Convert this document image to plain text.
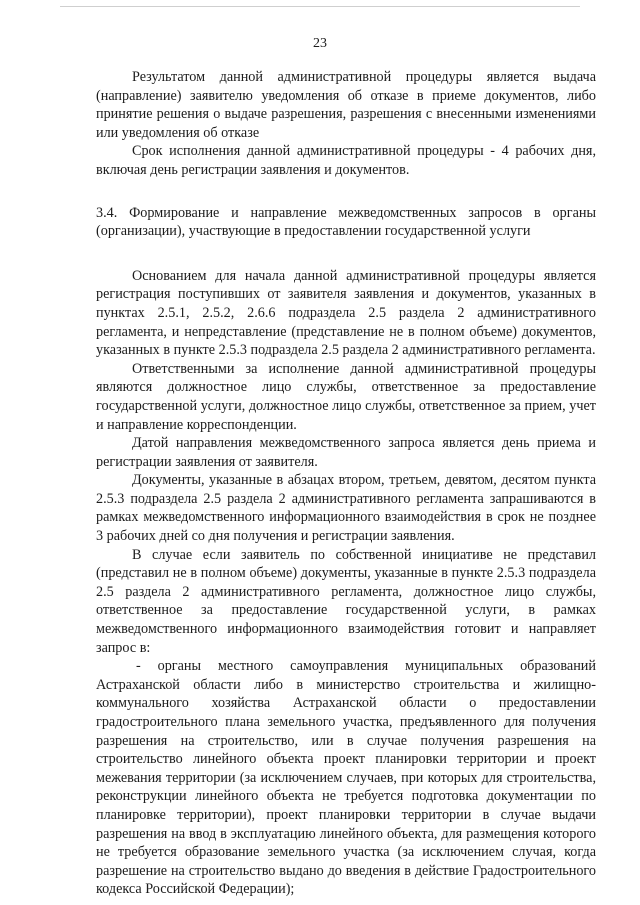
23

Результатом данной административной процедуры является выдача (направление) заявителю уведомления об отказе в приеме документов, либо принятие решения о выдаче разрешения, разрешения с внесенными изменениями или уведомления об отказе

Срок исполнения данной административной процедуры - 4 рабочих дня, включая день регистрации заявления и документов.

3.4. Формирование и направление межведомственных запросов в органы (организации), участвующие в предоставлении государственной услуги

Основанием для начала данной административной процедуры является регистрация поступивших от заявителя заявления и документов, указанных в пунктах 2.5.1, 2.5.2, 2.6.6 подраздела 2.5 раздела 2 административного регламента, и непредставление (представление не в полном объеме) документов, указанных в пункте 2.5.3 подраздела 2.5 раздела 2 административного регламента.

Ответственными за исполнение данной административной процедуры являются должностное лицо службы, ответственное за предоставление государственной услуги, должностное лицо службы, ответственное за прием, учет и направление корреспонденции.

Датой направления межведомственного запроса является день приема и регистрации заявления от заявителя.

Документы, указанные в абзацах втором, третьем, девятом, десятом пункта 2.5.3 подраздела 2.5 раздела 2 административного регламента запрашиваются в рамках межведомственного информационного взаимодействия в срок не позднее 3 рабочих дней со дня получения и регистрации заявления.

В случае если заявитель по собственной инициативе не представил (представил не в полном объеме) документы, указанные в пункте 2.5.3 подраздела 2.5 раздела 2 административного регламента, должностное лицо службы, ответственное за предоставление государственной услуги, в рамках межведомственного информационного взаимодействия готовит и направляет запрос в:

- органы местного самоуправления муниципальных образований Астраханской области либо в министерство строительства и жилищно-коммунального хозяйства Астраханской области о предоставлении градостроительного плана земельного участка, предъявленного для получения разрешения на строительство, или в случае получения разрешения на строительство линейного объекта проект планировки территории и проект межевания территории (за исключением случаев, при которых для строительства, реконструкции линейного объекта не требуется подготовка документации по планировке территории), проект планировки территории в случае выдачи разрешения на ввод в эксплуатацию линейного объекта, для размещения которого не требуется образование земельного участка (за исключением случая, когда разрешение на строительство выдано до введения в действие Градостроительного кодекса Российской Федерации);
